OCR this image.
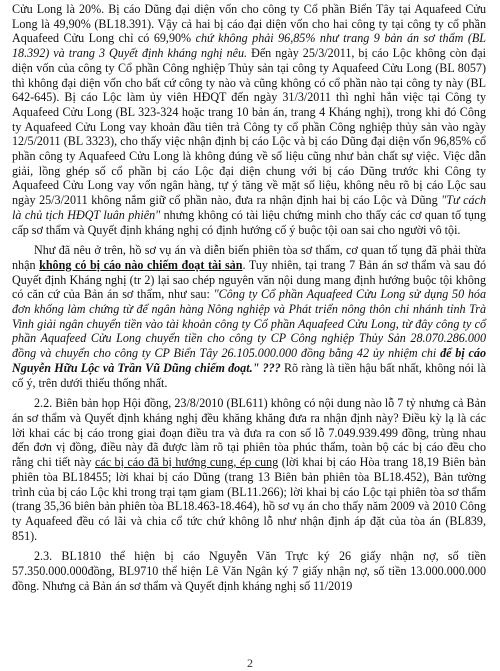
Cửu Long là 20%. Bị cáo Dũng đại diện vốn cho công ty Cổ phần Biển Tây tại Aquafeed Cửu Long là 49,90% (BL18.391). Vậy cả hai bị cáo đại diện vốn cho hai công ty tại công ty cổ phần Aquafeed Cửu Long chỉ có 69,90% chứ không phải 96,85% như trang 9 bản án sơ thẩm (BL 18.392) và trang 3 Quyết định kháng nghị nêu. Đến ngày 25/3/2011, bị cáo Lộc không còn đại diện vốn của công ty Cổ phần Công nghiệp Thủy sản tại công ty Aquafeed Cửu Long (BL 8057) thì không đại diện vốn cho bất cứ công ty nào và cũng không có cổ phần nào tại công ty này (BL 642-645). Bị cáo Lộc làm ủy viên HĐQT đến ngày 31/3/2011 thì nghỉ hẳn việc tại Công ty Aquafeed Cửu Long (BL 323-324 hoặc trang 10 bản án, trang 4 Kháng nghị), trong khi đó Công ty Aquafeed Cửu Long vay khoản đầu tiên trả Công ty cổ phần Công nghiệp thủy sản vào ngày 12/5/2011 (BL 3323), cho thấy việc nhận định bị cáo Lộc và bị cáo Dũng đại diện vốn 96,85% cổ phần công ty Aquafeed Cửu Long là không đúng về số liệu cũng như bản chất sự việc. Việc dẫn giải, lồng ghép số cổ phần bị cáo Lộc đại diện chung với bị cáo Dũng trước khi Công ty Aquafeed Cửu Long vay vốn ngân hàng, tự ý tăng về mặt số liệu, không nêu rõ bị cáo Lộc sau ngày 25/3/2011 không nắm giữ cổ phần nào, đưa ra nhận định hai bị cáo Lộc và Dũng "Tư cách là chủ tịch HĐQT luân phiên" nhưng không có tài liệu chứng minh cho thấy các cơ quan tố tụng cấp sơ thẩm và Quyết định kháng nghị có định hướng cố ý buộc tội oan sai cho người vô tội.

Như đã nêu ở trên, hồ sơ vụ án và diễn biến phiên tòa sơ thẩm, cơ quan tố tụng đã phải thừa nhận không có bị cáo nào chiếm đoạt tài sản. Tuy nhiên, tại trang 7 Bản án sơ thẩm và sau đó Quyết định Kháng nghị (tr 2) lại sao chép nguyên văn nội dung mang định hướng buộc tội không có căn cứ của Bản án sơ thẩm, như sau: "Công ty Cổ phần Aquafeed Cửu Long sử dụng 50 hóa đơn khống làm chứng từ để ngân hàng Nông nghiệp và Phát triển nông thôn chi nhánh tỉnh Trà Vinh giải ngân chuyển tiền vào tài khoản công ty Cổ phần Aquafeed Cửu Long, từ đây công ty cổ phần Aquafeed Cửu Long chuyển tiền cho công ty CP Công nghiệp Thủy Sản 28.070.286.000 đồng và chuyển cho công ty CP Biển Tây 26.105.000.000 đồng bằng 42 ủy nhiệm chi để bị cáo Nguyễn Hữu Lộc và Trần Vũ Dũng chiếm đoạt." ??? Rõ ràng là tiền hậu bất nhất, không nói là cố ý, trên dưới thiếu thống nhất.

2.2. Biên bản họp Hội đồng, 23/8/2010 (BL611) không có nội dung nào lỗ 7 tỷ nhưng cả Bản án sơ thẩm và Quyết định kháng nghị đều khăng khăng đưa ra nhận định này? Điều kỳ lạ là các lời khai các bị cáo trong giai đoạn điều tra và đưa ra con số lỗ 7.049.939.499 đồng, trùng nhau đến đơn vị đồng, điều này đã được làm rõ tại phiên tòa phúc thẩm, toàn bộ các bị cáo đều cho rằng chi tiết này các bị cáo đã bị hướng cung, ép cung (lời khai bị cáo Hòa trang 18,19 Biên bản phiên tòa BL18455; lời khai bị cáo Dũng (trang 13 Biên bản phiên tòa BL18.452), Bản tường trình của bị cáo Lộc khi trong trại tạm giam (BL11.266); lời khai bị cáo Lộc tại phiên tòa sơ thẩm (trang 35,36 biên bản phiên tòa BL18.463-18.464), hồ sơ vụ án cho thấy năm 2009 và 2010 Công ty Aquafeed đều có lãi và chia cổ tức chứ không lỗ như nhận định áp đặt của tòa án (BL839, 851).

2.3. BL1810 thể hiện bị cáo Nguyễn Văn Trực ký 26 giấy nhận nợ, số tiền 57.350.000.000đồng, BL9710 thể hiện Lê Văn Ngân ký 7 giấy nhận nợ, số tiền 13.000.000.000 đồng. Nhưng cả Bản án sơ thẩm và Quyết định kháng nghị số 11/2019

2
